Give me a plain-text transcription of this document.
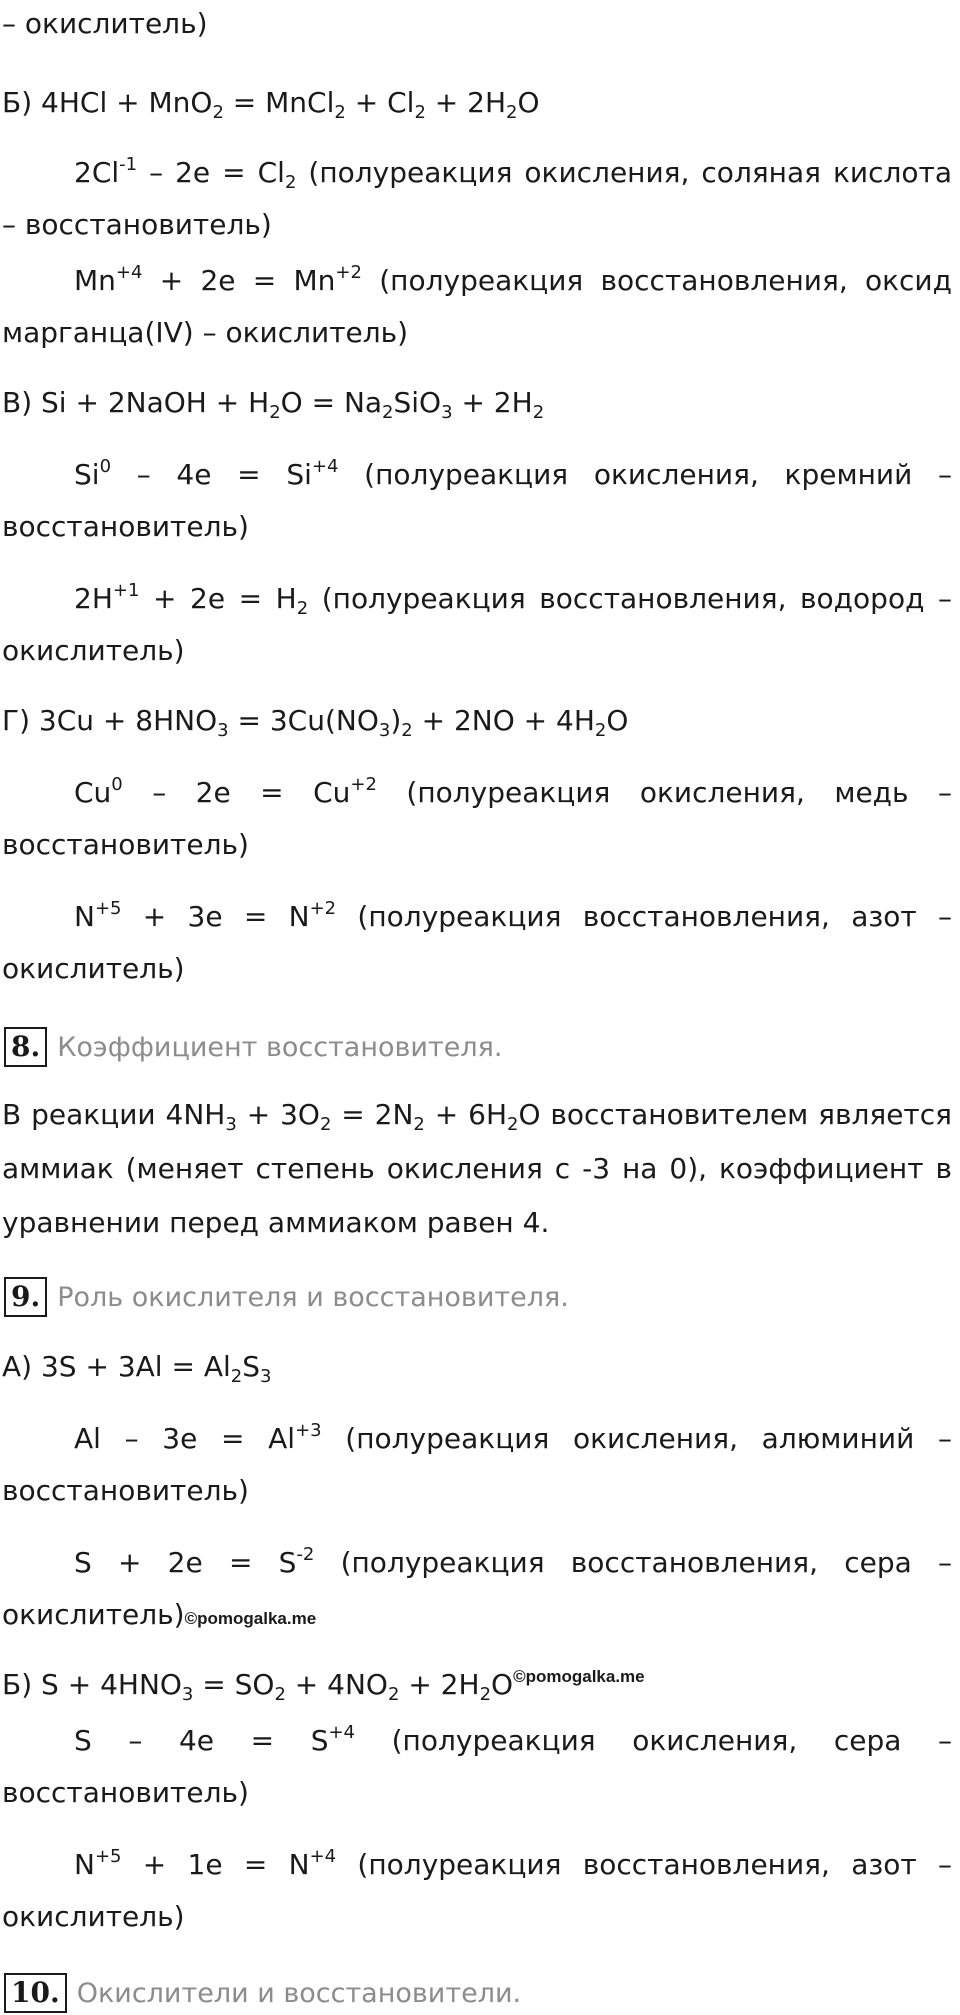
– окислитель)
Б) 4HCl + MnO$_2$ = MnCl$_2$ + $Cl_2 + 2H_2O$
$2Cl^{-1} - 2e = Cl_2$ (полуреакция окисления, соляная кислота
– восстановитель)
$Mn^{+4} + 2e = Mn^{+2}$ (полуреакция восстановления, оксид
марганца(IV) – окислитель)
В) Si + 2NaOH + $H_2O = Na_2SiO_3 + 2H_2$
$Si^0 - 4e = Si^{+4}$ (полуреакция окисления, кремний –
восстановитель)
$2H^{+1} + 2e = H_2$ (полуреакция восстановления, водород –
окислитель)
Г) $3Cu + 8HNO_3 = 3Cu(NO_3)_2 + 2NO + 4H_2O$
$Cu^0 - 2e = Cu^{+2}$ (полуреакция окисления, медь –
восстановитель)
$N^{+5} + 3e = N^{+2}$ (полуреакция восстановления, азот –
окислитель)
8. Коэффициент восстановителя.
В реакции $4NH_3 + 3O_2 = 2N_2 + 6H_2O$ восстановителем является
аммиак (меняет степень окисления с -3 на 0), коэффициент в
уравнении перед аммиаком равен 4.
9. Роль окислителя и восстановителя.
А) $3S + 3Al = Al_2S_3$
$Al - 3e = Al^{+3}$ (полуреакция окисления, алюминий –
восстановитель)
$S + 2e = S^{-2}$ (полуреакция восстановления, сера –
окислитель)©pomogalka.me
Б) $S + 4HNO_3 = SO_2 + 4NO_2 + 2H_2O^{©pomogalka.me}$
$S - 4e = S^{+4}$ (полуреакция окисления, сера –
восстановитель)
$N^{+5} + 1e = N^{+4}$ (полуреакция восстановления, азот –
окислитель)
10. Окислители и восстановители.
